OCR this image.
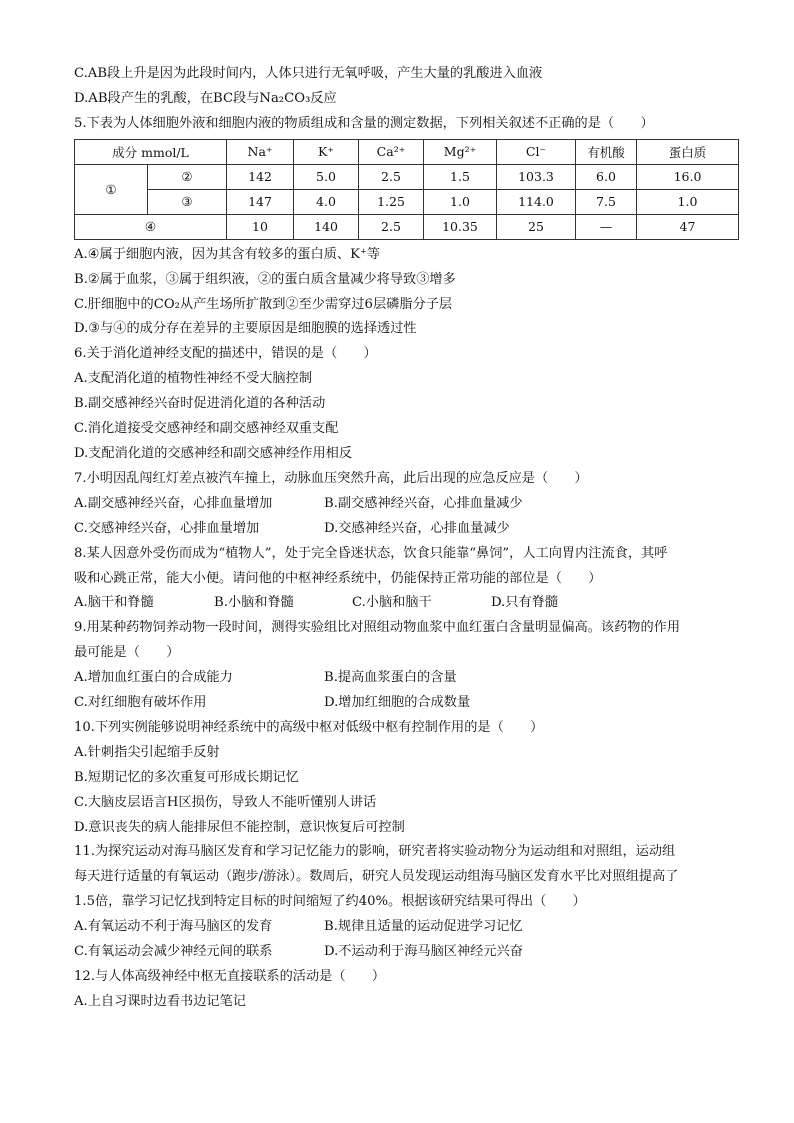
C.AB段上升是因为此段时间内，人体只进行无氧呼吸，产生大量的乳酸进入血液
D.AB段产生的乳酸，在BC段与Na₂CO₃反应
5.下表为人体细胞外液和细胞内液的物质组成和含量的测定数据，下列相关叙述不正确的是（　　）
成分 mmol/L		Na⁺	K⁺	Ca²⁺	Mg²⁺	Cl⁻	有机酸	蛋白质
①	②	142	5.0	2.5	1.5	103.3	6.0	16.0
	③	147	4.0	1.25	1.0	114.0	7.5	1.0
④		10	140	2.5	10.35	25	—	47
A.④属于细胞内液，因为其含有较多的蛋白质、K⁺等
B.②属于血浆，③属于组织液，②的蛋白质含量减少将导致③增多
C.肝细胞中的CO₂从产生场所扩散到②至少需穿过6层磷脂分子层
D.③与④的成分存在差异的主要原因是细胞膜的选择透过性
6.关于消化道神经支配的描述中，错误的是（　　）
A.支配消化道的植物性神经不受大脑控制
B.副交感神经兴奋时促进消化道的各种活动
C.消化道接受交感神经和副交感神经双重支配
D.支配消化道的交感神经和副交感神经作用相反
7.小明因乱闯红灯差点被汽车撞上，动脉血压突然升高，此后出现的应急反应是（　　）
A.副交感神经兴奋，心排血量增加	B.副交感神经兴奋，心排血量减少
C.交感神经兴奋，心排血量增加	D.交感神经兴奋，心排血量减少
8.某人因意外受伤而成为“植物人”，处于完全昏迷状态，饮食只能靠“鼻饲”，人工向胃内注流食，其呼
吸和心跳正常，能大小便。请问他的中枢神经系统中，仍能保持正常功能的部位是（　　）
A.脑干和脊髓	B.小脑和脊髓	C.小脑和脑干	D.只有脊髓
9.用某种药物饲养动物一段时间，测得实验组比对照组动物血浆中血红蛋白含量明显偏高。该药物的作用
最可能是（　　）
A.增加血红蛋白的合成能力	B.提高血浆蛋白的含量
C.对红细胞有破坏作用	D.增加红细胞的合成数量
10.下列实例能够说明神经系统中的高级中枢对低级中枢有控制作用的是（　　）
A.针刺指尖引起缩手反射
B.短期记忆的多次重复可形成长期记忆
C.大脑皮层语言H区损伤，导致人不能听懂别人讲话
D.意识丧失的病人能排尿但不能控制，意识恢复后可控制
11.为探究运动对海马脑区发育和学习记忆能力的影响，研究者将实验动物分为运动组和对照组，运动组
每天进行适量的有氧运动（跑步/游泳）。数周后，研究人员发现运动组海马脑区发育水平比对照组提高了
1.5倍，靠学习记忆找到特定目标的时间缩短了约40%。根据该研究结果可得出（　　）
A.有氧运动不利于海马脑区的发育	B.规律且适量的运动促进学习记忆
C.有氧运动会减少神经元间的联系	D.不运动利于海马脑区神经元兴奋
12.与人体高级神经中枢无直接联系的活动是（　　）
A.上自习课时边看书边记笔记
